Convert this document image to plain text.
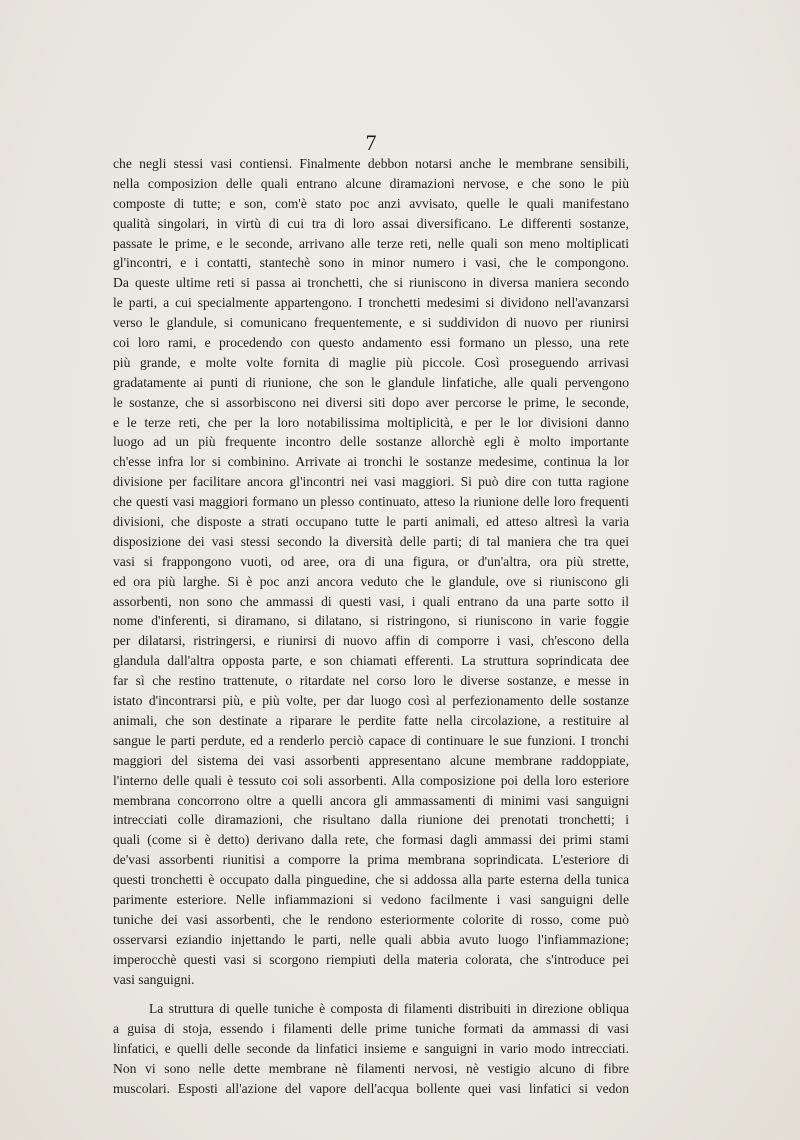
7
che negli stessi vasi contiensi. Finalmente debbon notarsi anche le membrane sensibili,
nella composizion delle quali entrano alcune diramazioni nervose, e che sono le più
composte di tutte; e son, com'è stato poc anzi avvisato, quelle le quali manifestano
qualità singolari, in virtù di cui tra di loro assai diversificano. Le differenti sostanze,
passate le prime, e le seconde, arrivano alle terze reti, nelle quali son meno moltiplicati
gl'incontri, e i contatti, stantechè sono in minor numero i vasi, che le compongono.
Da queste ultime reti si passa ai tronchetti, che si riuniscono in diversa maniera secondo
le parti, a cui specialmente appartengono. I tronchetti medesimi si dividono nell'avanzarsi
verso le glandule, si comunicano frequentemente, e si suddividon di nuovo per riunirsi
coi loro rami, e procedendo con questo andamento essi formano un plesso, una rete
più grande, e molte volte fornita di maglie più piccole. Così proseguendo arrivasi
gradatamente ai punti di riunione, che son le glandule linfatiche, alle quali pervengono
le sostanze, che si assorbiscono nei diversi siti dopo aver percorse le prime, le seconde,
e le terze reti, che per la loro notabilissima moltiplicità, e per le lor divisioni danno
luogo ad un più frequente incontro delle sostanze allorchè egli è molto importante
ch'esse infra lor si combinino. Arrivate ai tronchi le sostanze medesime, continua la lor
divisione per facilitare ancora gl'incontri nei vasi maggiori. Si può dire con tutta ragione
che questi vasi maggiori formano un plesso continuato, atteso la riunione delle loro frequenti
divisioni, che disposte a strati occupano tutte le parti animali, ed atteso altresì la varia
disposizione dei vasi stessi secondo la diversità delle parti; di tal maniera che tra quei
vasi si frappongono vuoti, od aree, ora di una figura, or d'un'altra, ora più strette,
ed ora più larghe. Si è poc anzi ancora veduto che le glandule, ove si riuniscono gli
assorbenti, non sono che ammassi di questi vasi, i quali entrano da una parte sotto il
nome d'inferenti, si diramano, si dilatano, si ristringono, si riuniscono in varie foggie
per dilatarsi, ristringersi, e riunirsi di nuovo affin di comporre i vasi, ch'escono della
glandula dall'altra opposta parte, e son chiamati efferenti. La struttura soprindicata dee
far sì che restino trattenute, o ritardate nel corso loro le diverse sostanze, e messe in
istato d'incontrarsi più, e più volte, per dar luogo così al perfezionamento delle sostanze
animali, che son destinate a riparare le perdite fatte nella circolazione, a restituire al
sangue le parti perdute, ed a renderlo perciò capace di continuare le sue funzioni. I tronchi
maggiori del sistema dei vasi assorbenti appresentano alcune membrane raddoppiate,
l'interno delle quali è tessuto coi soli assorbenti. Alla composizione poi della loro esteriore
membrana concorrono oltre a quelli ancora gli ammassamenti di minimi vasi sanguigni
intrecciati colle diramazioni, che risultano dalla riunione dei prenotati tronchetti; i
quali (come si è detto) derivano dalla rete, che formasi dagli ammassi dei primi stami
de'vasi assorbenti riunitisi a comporre la prima membrana soprindicata. L'esteriore di
questi tronchetti è occupato dalla pinguedine, che si addossa alla parte esterna della tunica
parimente esteriore. Nelle infiammazioni si vedono facilmente i vasi sanguigni delle
tuniche dei vasi assorbenti, che le rendono esteriormente colorite di rosso, come può
osservarsi eziandio injettando le parti, nelle quali abbia avuto luogo l'infiammazione;
imperocchè questi vasi si scorgono riempiuti della materia colorata, che s'introduce pei
vasi sanguigni.
La struttura di quelle tuniche è composta di filamenti distribuiti in direzione obliqua
a guisa di stoja, essendo i filamenti delle prime tuniche formati da ammassi di vasi
linfatici, e quelli delle seconde da linfatici insieme e sanguigni in vario modo intrecciati.
Non vi sono nelle dette membrane nè filamenti nervosi, nè vestigio alcuno di fibre
muscolari. Esposti all'azione del vapore dell'acqua bollente quei vasi linfatici si vedon
